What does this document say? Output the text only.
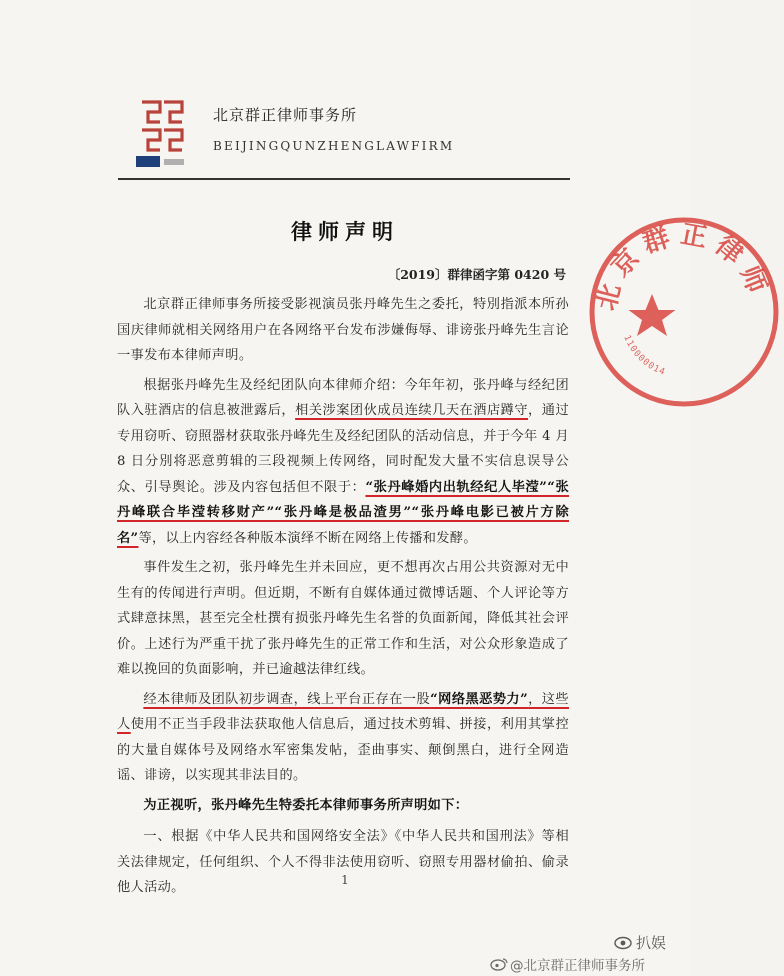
北京群正律师事务所
BEIJINGQUNZHENGLAWFIRM
律师声明
〔2019〕群律函字第 0420 号

北京群正律师事务所接受影视演员张丹峰先生之委托，特別指派本所孙国庆律师就相关网络用户在各网络平台发布涉嫌侮辱、诽谤张丹峰先生言论一事发布本律师声明。

根据张丹峰先生及经纪团队向本律师介绍：今年年初，张丹峰与经纪团队入驻酒店的信息被泄露后，相关涉案团伙成员连续几天在酒店蹲守，通过专用窃听、窃照器材获取张丹峰先生及经纪团队的活动信息，并于今年 4 月 8 日分別将恶意剪辑的三段视频上传网络，同时配发大量不实信息误导公众、引导舆论。涉及内容包括但不限于：“张丹峰婚内出轨经纪人毕滢”“张丹峰联合毕滢转移财产”“张丹峰是极品渣男”“张丹峰电影已被片方除名”等，以上内容经各种版本演绎不断在网络上传播和发酵。

事件发生之初，张丹峰先生并未回应，更不想再次占用公共资源对无中生有的传闻进行声明。但近期，不断有自媒体通过微博话题、个人评论等方式肆意抹黑，甚至完全杜撰有损张丹峰先生名誉的负面新闻，降低其社会评价。上述行为严重干扰了张丹峰先生的正常工作和生活，对公众形象造成了难以挽回的负面影响，并已逾越法律红线。

经本律师及团队初步调查，线上平台正存在一股“网络黑恶势力”，这些人使用不正当手段非法获取他人信息后，通过技术剪辑、拼接，利用其掌控的大量自媒体号及网络水军密集发帖，歪曲事实、颠倒黑白，进行全网造谣、诽谤，以实现其非法目的。

为正视听，张丹峰先生特委托本律师事务所声明如下：

一、根据《中华人民共和国网络安全法》《中华人民共和国刑法》等相关法律规定，任何组织、个人不得非法使用窃听、窃照专用器材偷拍、偷录他人活动。	1
北京群正律师
110000014
扒娱
@北京群正律师事务所
